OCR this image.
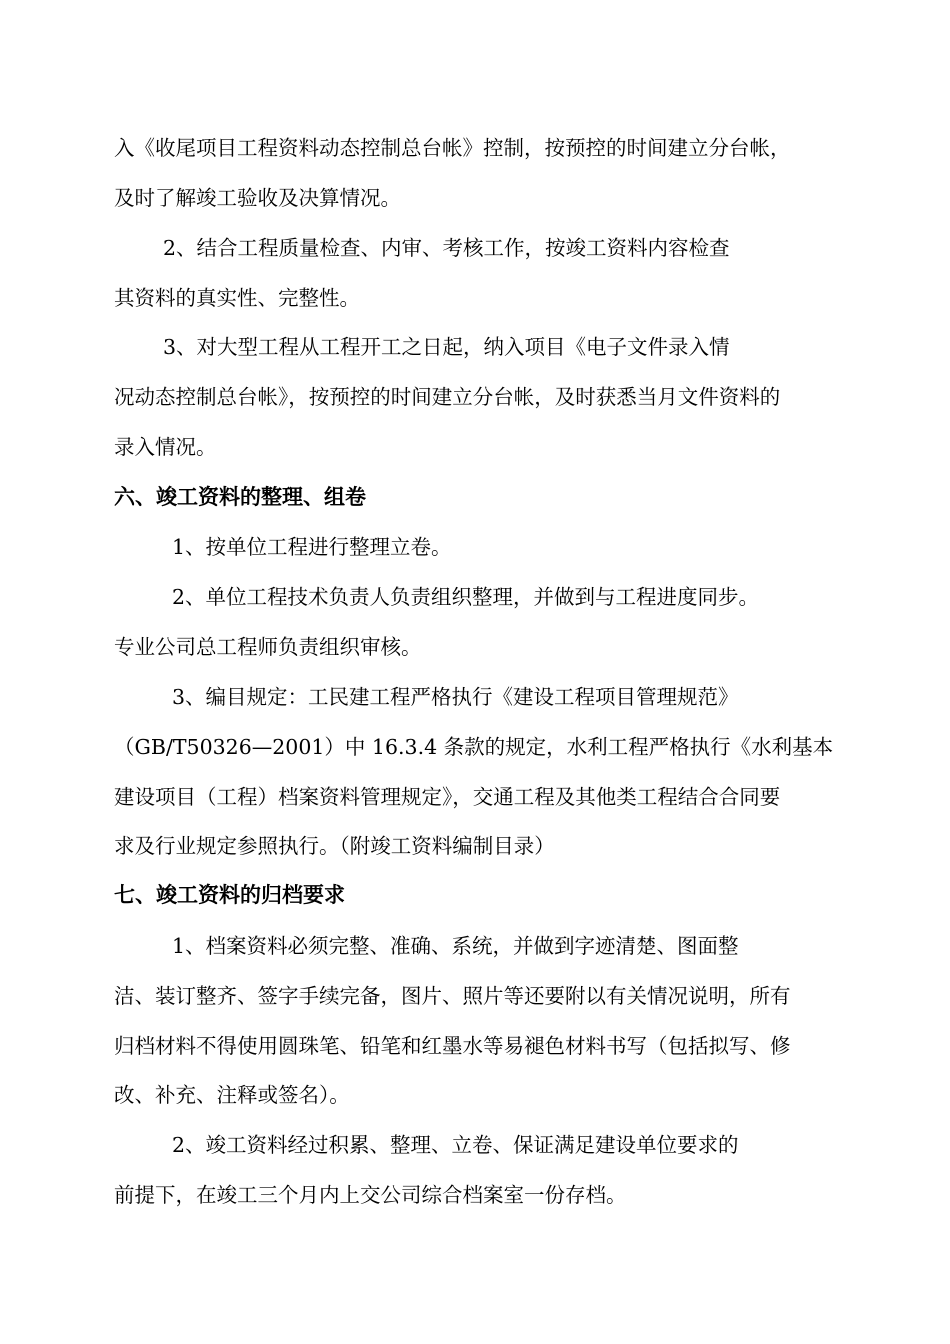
入《收尾项目工程资料动态控制总台帐》控制，按预控的时间建立分台帐，

及时了解竣工验收及决算情况。

2、结合工程质量检查、内审、考核工作，按竣工资料内容检查

其资料的真实性、完整性。

3、对大型工程从工程开工之日起，纳入项目《电子文件录入情

况动态控制总台帐》，按预控的时间建立分台帐，及时获悉当月文件资料的

录入情况。

六、竣工资料的整理、组卷

1、按单位工程进行整理立卷。

2、单位工程技术负责人负责组织整理，并做到与工程进度同步。

专业公司总工程师负责组织审核。

3、编目规定：工民建工程严格执行《建设工程项目管理规范》

（GB/T50326—2001）中 16.3.4 条款的规定，水利工程严格执行《水利基本

建设项目（工程）档案资料管理规定》，交通工程及其他类工程结合合同要

求及行业规定参照执行。（附竣工资料编制目录）

七、竣工资料的归档要求

1、档案资料必须完整、准确、系统，并做到字迹清楚、图面整

洁、装订整齐、签字手续完备，图片、照片等还要附以有关情况说明，所有

归档材料不得使用圆珠笔、铅笔和红墨水等易褪色材料书写（包括拟写、修

改、补充、注释或签名）。

2、竣工资料经过积累、整理、立卷、保证满足建设单位要求的

前提下，在竣工三个月内上交公司综合档案室一份存档。
